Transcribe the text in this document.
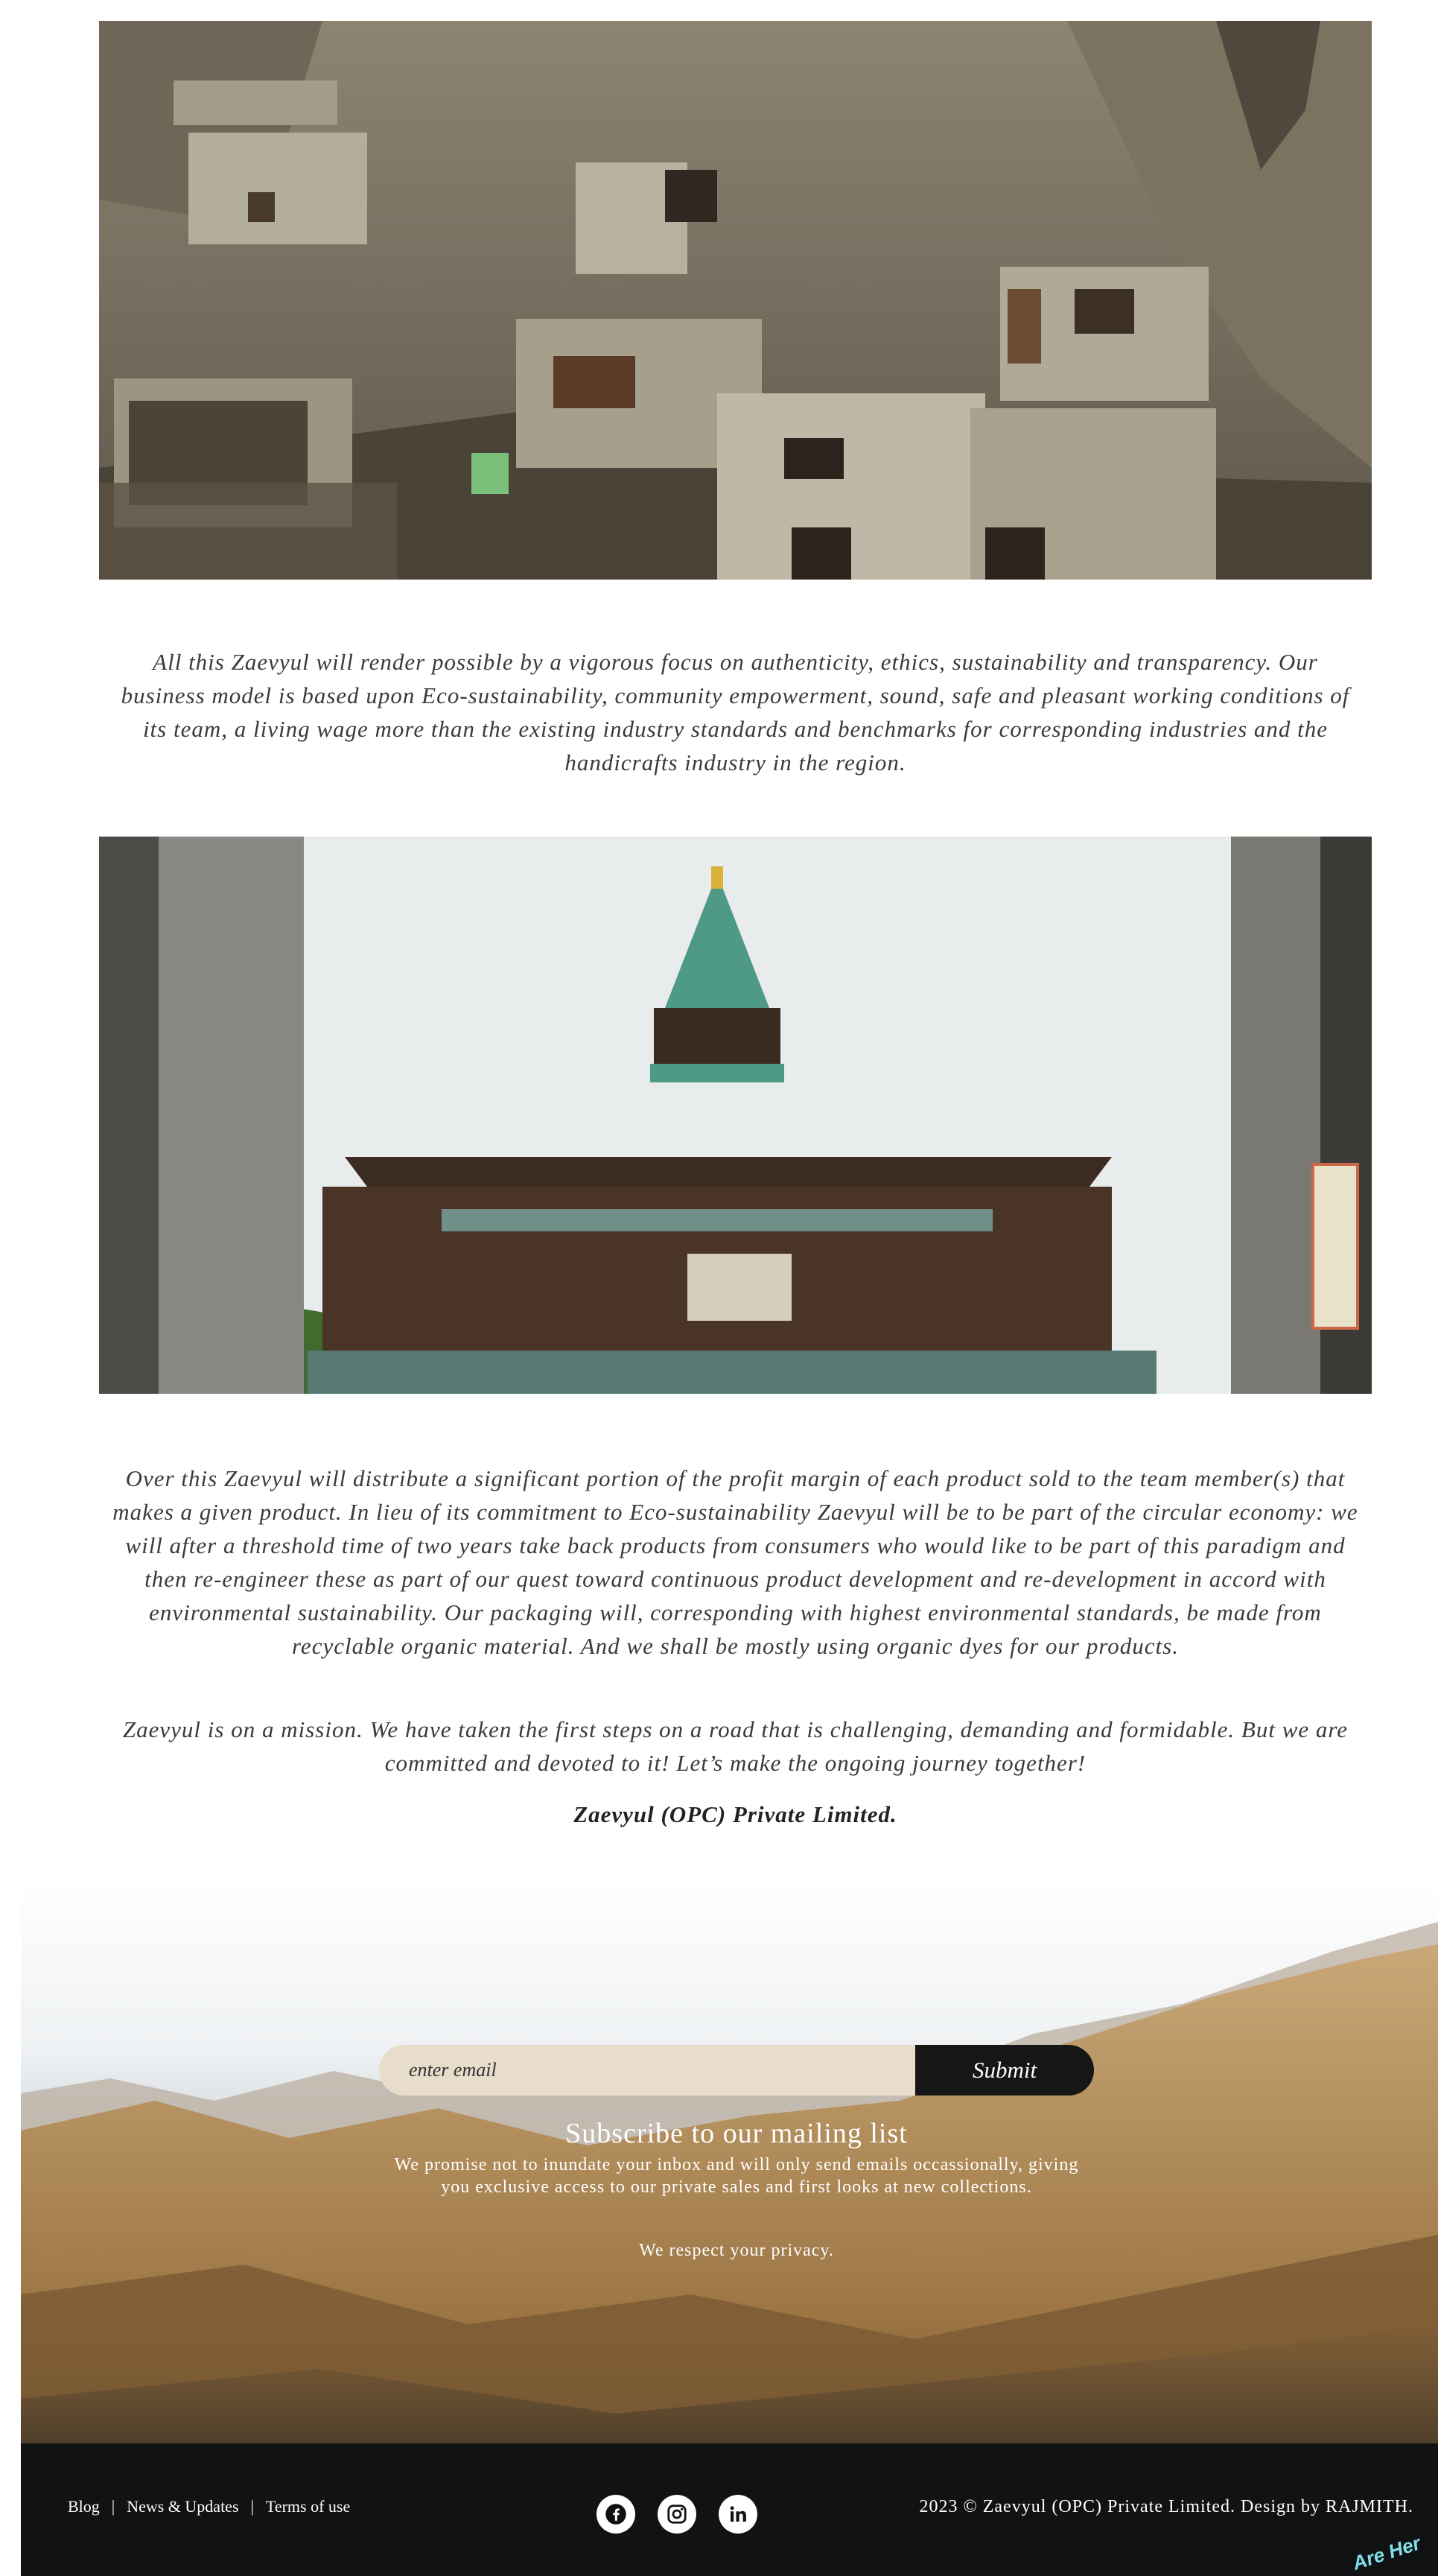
All this Zaevyul will render possible by a vigorous focus on authenticity, ethics, sustainability and transparency. Our business model is based upon Eco-sustainability, community empowerment, sound, safe and pleasant working conditions of its team, a living wage more than the existing industry standards and benchmarks for corresponding industries and the handicrafts industry in the region.

Over this Zaevyul will distribute a significant portion of the profit margin of each product sold to the team member(s) that makes a given product. In lieu of its commitment to Eco-sustainability Zaevyul will be to be part of the circular economy: we will after a threshold time of two years take back products from consumers who would like to be part of this paradigm and then re-engineer these as part of our quest toward continuous product development and re-development in accord with environmental sustainability. Our packaging will, corresponding with highest environmental standards, be made from recyclable organic material. And we shall be mostly using organic dyes for our products.

Zaevyul is on a mission. We have taken the first steps on a road that is challenging, demanding and formidable. But we are committed and devoted to it! Let’s make the ongoing journey together!

Zaevyul (OPC) Private Limited.

enter email
Submit
Subscribe to our mailing list
We promise not to inundate your inbox and will only send emails occassionally, giving you exclusive access to our private sales and first looks at new collections.
We respect your privacy.
Blog | News & Updates | Terms of use	2023 © Zaevyul (OPC) Private Limited. Design by RAJMITH.
Are Her
